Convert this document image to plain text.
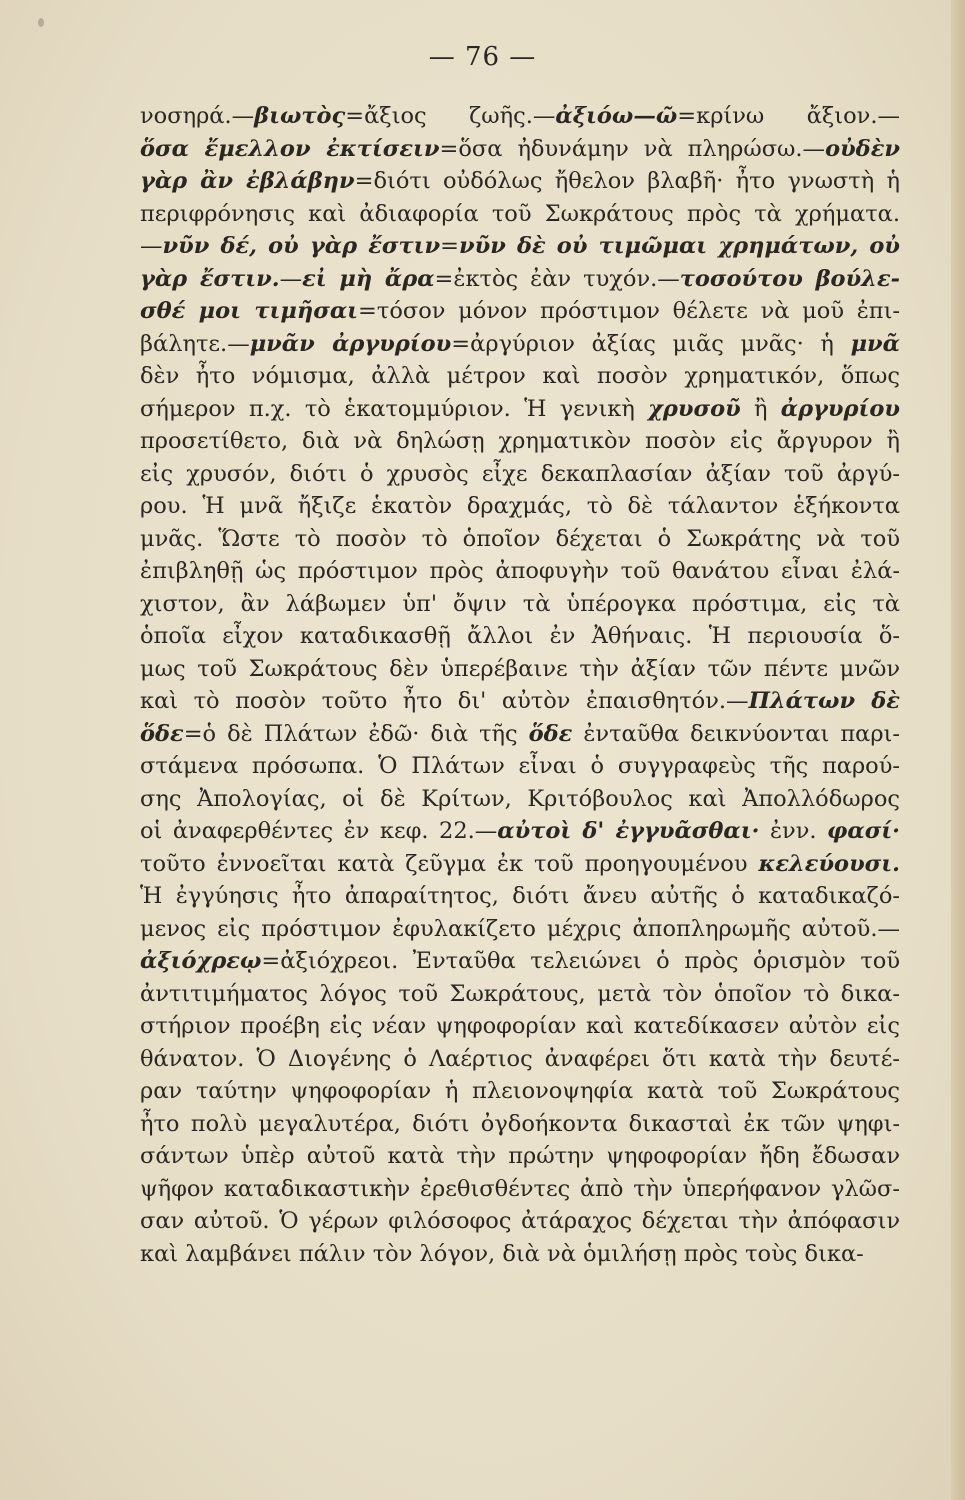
— 76 —
νοσηρά.—βιωτὸς=ἄξιος ζωῆς.—ἀξιόω—ῶ=κρίνω ἄξιον.—
ὅσα ἔμελλον ἐκτίσειν=ὅσα ἠδυνάμην νὰ πληρώσω.—οὐδὲν
γὰρ ἂν ἐβλάβην=διότι οὐδόλως ἤθελον βλαβῆ· ἦτο γνωστὴ ἡ
περιφρόνησις καὶ ἀδιαφορία τοῦ Σωκράτους πρὸς τὰ χρήματα.
—νῦν δέ, οὐ γὰρ ἔστιν=νῦν δὲ οὐ τιμῶμαι χρημάτων, οὐ
γὰρ ἔστιν.—εἰ μὴ ἄρα=ἐκτὸς ἐὰν τυχόν.—τοσούτου βούλε-
σθέ μοι τιμῆσαι=τόσον μόνον πρόστιμον θέλετε νὰ μοῦ ἐπι-
βάλητε.—μνᾶν ἀργυρίου=ἀργύριον ἀξίας μιᾶς μνᾶς· ἡ μνᾶ
δὲν ἦτο νόμισμα, ἀλλὰ μέτρον καὶ ποσὸν χρηματικόν, ὅπως
σήμερον π.χ. τὸ ἑκατομμύριον. Ἡ γενικὴ χρυσοῦ ἢ ἀργυρίου
προσετίθετο, διὰ νὰ δηλώσῃ χρηματικὸν ποσὸν εἰς ἄργυρον ἢ
εἰς χρυσόν, διότι ὁ χρυσὸς εἶχε δεκαπλασίαν ἀξίαν τοῦ ἀργύ-
ρου. Ἡ μνᾶ ἤξιζε ἑκατὸν δραχμάς, τὸ δὲ τάλαντον ἑξήκοντα
μνᾶς. Ὥστε τὸ ποσὸν τὸ ὁποῖον δέχεται ὁ Σωκράτης νὰ τοῦ
ἐπιβληθῇ ὡς πρόστιμον πρὸς ἀποφυγὴν τοῦ θανάτου εἶναι ἐλά-
χιστον, ἂν λάβωμεν ὑπ' ὄψιν τὰ ὑπέρογκα πρόστιμα, εἰς τὰ
ὁποῖα εἶχον καταδικασθῇ ἄλλοι ἐν Ἀθήναις. Ἡ περιουσία ὅ-
μως τοῦ Σωκράτους δὲν ὑπερέβαινε τὴν ἀξίαν τῶν πέντε μνῶν
καὶ τὸ ποσὸν τοῦτο ἦτο δι' αὐτὸν ἐπαισθητόν.—Πλάτων δὲ
ὅδε=ὁ δὲ Πλάτων ἐδῶ· διὰ τῆς ὅδε ἐνταῦθα δεικνύονται παρι-
στάμενα πρόσωπα. Ὁ Πλάτων εἶναι ὁ συγγραφεὺς τῆς παρού-
σης Ἀπολογίας, οἱ δὲ Κρίτων, Κριτόβουλος καὶ Ἀπολλόδωρος
οἱ ἀναφερθέντες ἐν κεφ. 22.—αὐτοὶ δ' ἐγγυᾶσθαι· ἐνν. φασί·
τοῦτο ἐννοεῖται κατὰ ζεῦγμα ἐκ τοῦ προηγουμένου κελεύουσι.
Ἡ ἐγγύησις ἦτο ἀπαραίτητος, διότι ἄνευ αὐτῆς ὁ καταδικαζό-
μενος εἰς πρόστιμον ἐφυλακίζετο μέχρις ἀποπληρωμῆς αὐτοῦ.—
ἀξιόχρεῳ=ἀξιόχρεοι. Ἐνταῦθα τελειώνει ὁ πρὸς ὁρισμὸν τοῦ
ἀντιτιμήματος λόγος τοῦ Σωκράτους, μετὰ τὸν ὁποῖον τὸ δικα-
στήριον προέβη εἰς νέαν ψηφοφορίαν καὶ κατεδίκασεν αὐτὸν εἰς
θάνατον. Ὁ Διογένης ὁ Λαέρτιος ἀναφέρει ὅτι κατὰ τὴν δευτέ-
ραν ταύτην ψηφοφορίαν ἡ πλειονοψηφία κατὰ τοῦ Σωκράτους
ἦτο πολὺ μεγαλυτέρα, διότι ὀγδοήκοντα δικασταὶ ἐκ τῶν ψηφι-
σάντων ὑπὲρ αὐτοῦ κατὰ τὴν πρώτην ψηφοφορίαν ἤδη ἔδωσαν
ψῆφον καταδικαστικὴν ἐρεθισθέντες ἀπὸ τὴν ὑπερήφανον γλῶσ-
σαν αὐτοῦ. Ὁ γέρων φιλόσοφος ἀτάραχος δέχεται τὴν ἀπόφασιν
καὶ λαμβάνει πάλιν τὸν λόγον, διὰ νὰ ὁμιλήσῃ πρὸς τοὺς δικα-
